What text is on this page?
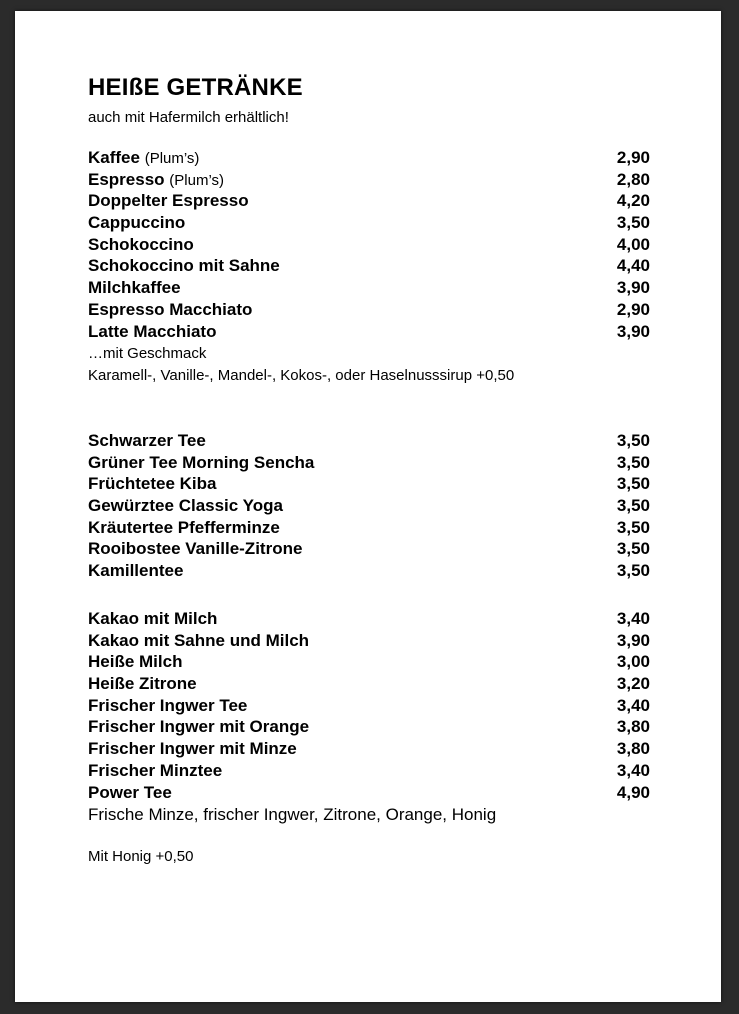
HEIßE GETRÄNKE
auch mit Hafermilch erhältlich!
Kaffee (Plum’s)	2,90
Espresso (Plum’s)	2,80
Doppelter Espresso	4,20
Cappuccino	3,50
Schokoccino	4,00
Schokoccino mit Sahne	4,40
Milchkaffee	3,90
Espresso Macchiato	2,90
Latte Macchiato	3,90
…mit Geschmack
Karamell-, Vanille-, Mandel-, Kokos-, oder Haselnusssirup +0,50
Schwarzer Tee	3,50
Grüner Tee Morning Sencha	3,50
Früchtetee Kiba	3,50
Gewürztee Classic Yoga	3,50
Kräutertee Pfefferminze	3,50
Rooibostee Vanille-Zitrone	3,50
Kamillentee	3,50
Kakao mit Milch	3,40
Kakao mit Sahne und Milch	3,90
Heiße Milch	3,00
Heiße Zitrone	3,20
Frischer Ingwer Tee	3,40
Frischer Ingwer mit Orange	3,80
Frischer Ingwer mit Minze	3,80
Frischer Minztee	3,40
Power Tee	4,90
Frische Minze, frischer Ingwer, Zitrone, Orange, Honig
Mit Honig +0,50
